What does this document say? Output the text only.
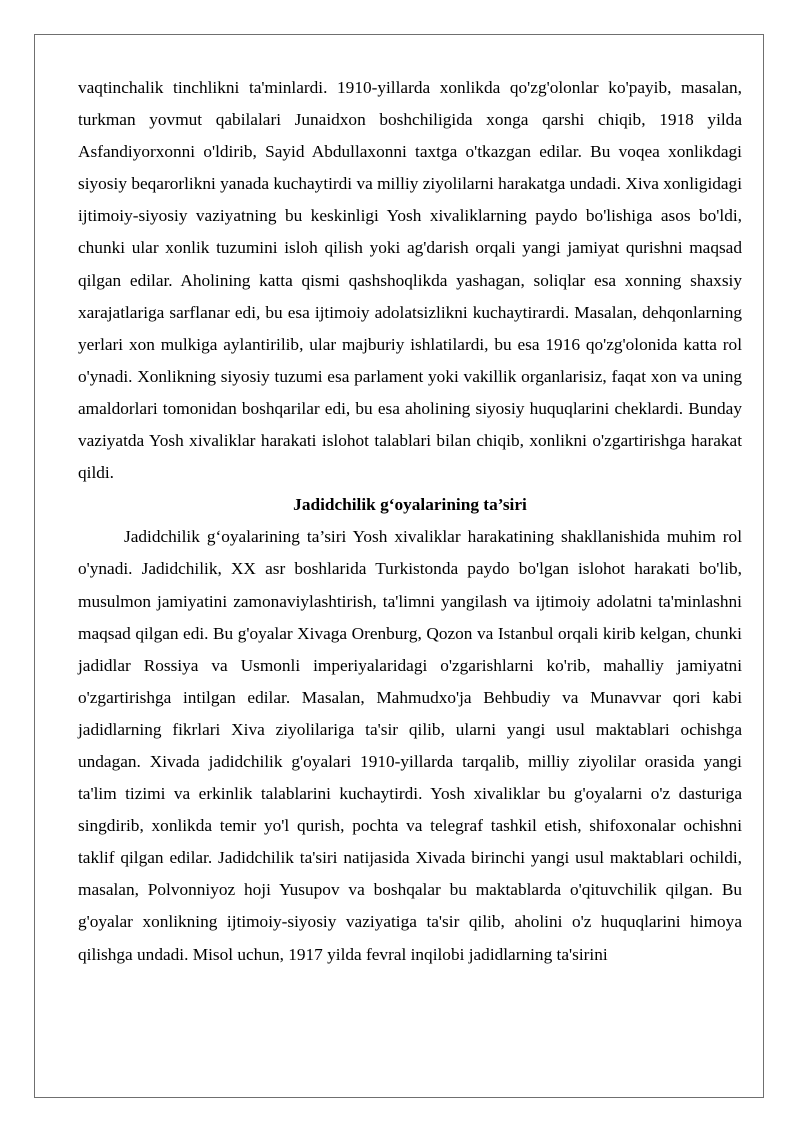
vaqtinchalik tinchlikni ta'minlardi. 1910-yillarda xonlikda qo'zg'olonlar ko'payib, masalan, turkman yovmut qabilalari Junaidxon boshchiligida xonga qarshi chiqib, 1918 yilda Asfandiyorxonni o'ldirib, Sayid Abdullaxonni taxtga o'tkazgan edilar. Bu voqea xonlikdagi siyosiy beqarorlikni yanada kuchaytirdi va milliy ziyolilarni harakatga undadi. Xiva xonligidagi ijtimoiy-siyosiy vaziyatning bu keskinligi Yosh xivaliklarning paydo bo'lishiga asos bo'ldi, chunki ular xonlik tuzumini isloh qilish yoki ag'darish orqali yangi jamiyat qurishni maqsad qilgan edilar. Aholining katta qismi qashshoqlikda yashagan, soliqlar esa xonning shaxsiy xarajatlariga sarflanar edi, bu esa ijtimoiy adolatsizlikni kuchaytirardi. Masalan, dehqonlarning yerlari xon mulkiga aylantirilib, ular majburiy ishlatilardi, bu esa 1916 qo'zg'olonida katta rol o'ynadi. Xonlikning siyosiy tuzumi esa parlament yoki vakillik organlarisiz, faqat xon va uning amaldorlari tomonidan boshqarilar edi, bu esa aholining siyosiy huquqlarini cheklardi. Bunday vaziyatda Yosh xivaliklar harakati islohot talablari bilan chiqib, xonlikni o'zgartirishga harakat qildi.

Jadidchilik g‘oyalarining ta’siri

Jadidchilik g‘oyalarining ta’siri Yosh xivaliklar harakatining shakllanishida muhim rol o'ynadi. Jadidchilik, XX asr boshlarida Turkistonda paydo bo'lgan islohot harakati bo'lib, musulmon jamiyatini zamonaviylashtirish, ta'limni yangilash va ijtimoiy adolatni ta'minlashni maqsad qilgan edi. Bu g'oyalar Xivaga Orenburg, Qozon va Istanbul orqali kirib kelgan, chunki jadidlar Rossiya va Usmonli imperiyalaridagi o'zgarishlarni ko'rib, mahalliy jamiyatni o'zgartirishga intilgan edilar. Masalan, Mahmudxo'ja Behbudiy va Munavvar qori kabi jadidlarning fikrlari Xiva ziyolilariga ta'sir qilib, ularni yangi usul maktablari ochishga undagan. Xivada jadidchilik g'oyalari 1910-yillarda tarqalib, milliy ziyolilar orasida yangi ta'lim tizimi va erkinlik talablarini kuchaytirdi. Yosh xivaliklar bu g'oyalarni o'z dasturiga singdirib, xonlikda temir yo'l qurish, pochta va telegraf tashkil etish, shifoxonalar ochishni taklif qilgan edilar. Jadidchilik ta'siri natijasida Xivada birinchi yangi usul maktablari ochildi, masalan, Polvonniyoz hoji Yusupov va boshqalar bu maktablarda o'qituvchilik qilgan. Bu g'oyalar xonlikning ijtimoiy-siyosiy vaziyatiga ta'sir qilib, aholini o'z huquqlarini himoya qilishga undadi. Misol uchun, 1917 yilda fevral inqilobi jadidlarning ta'sirini
